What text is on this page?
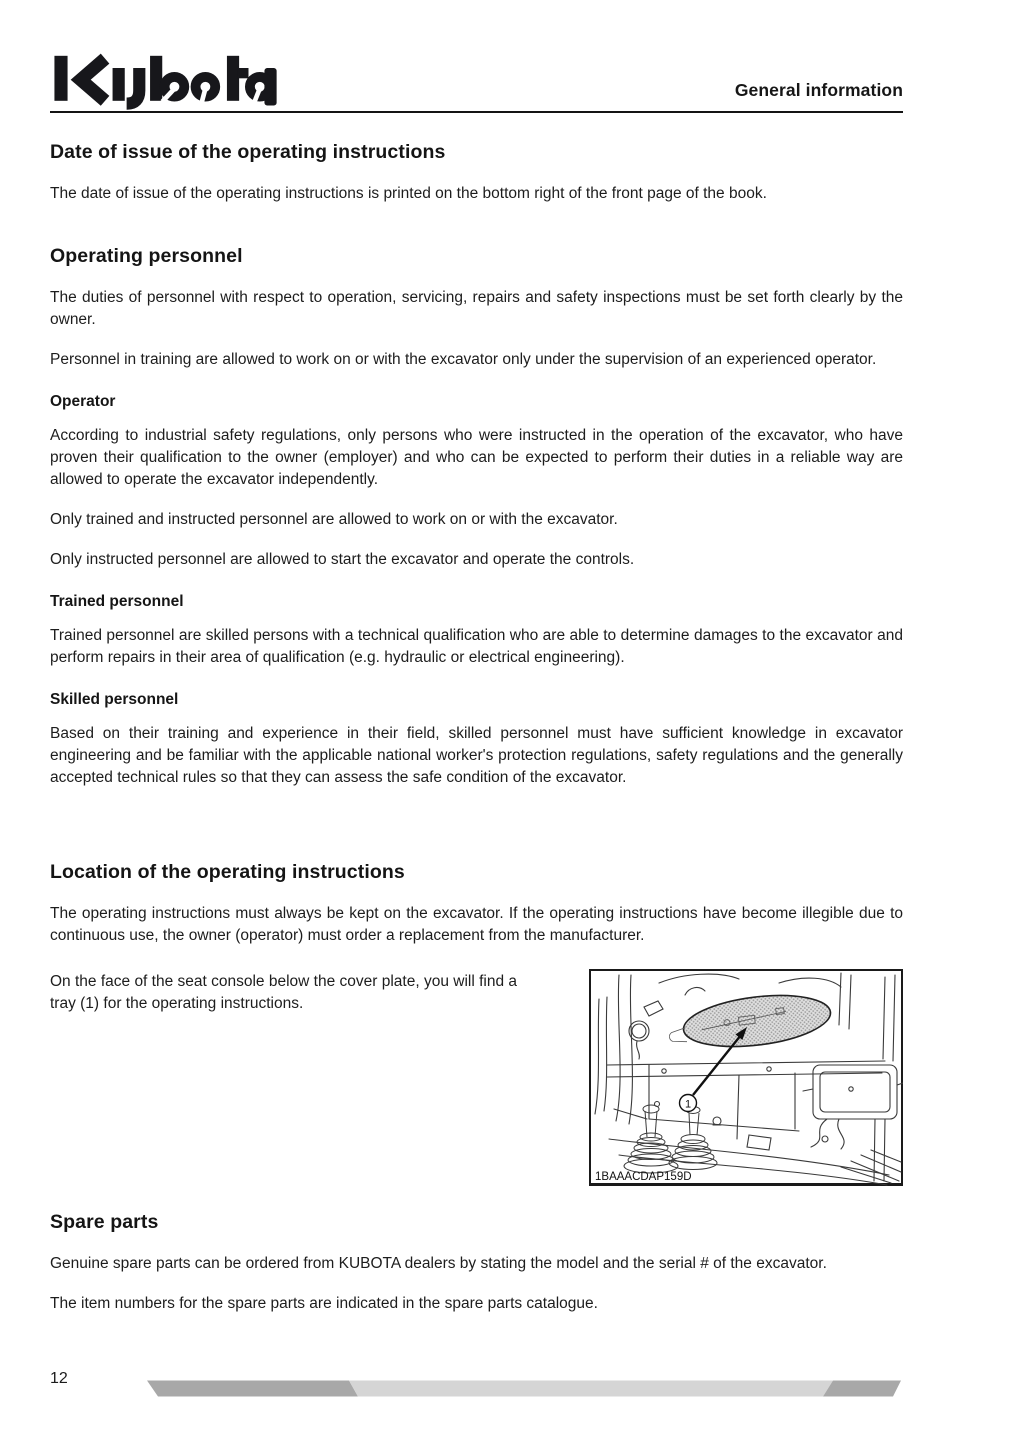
General information
Date of issue of the operating instructions

The date of issue of the operating instructions is printed on the bottom right of the front page of the book.

Operating personnel

The duties of personnel with respect to operation, servicing, repairs and safety inspections must be set forth clearly by the owner.

Personnel in training are allowed to work on or with the excavator only under the supervision of an experienced operator.

Operator

According to industrial safety regulations, only persons who were instructed in the operation of the excavator, who have proven their qualification to the owner (employer) and who can be expected to perform their duties in a reliable way are allowed to operate the excavator independently.

Only trained and instructed personnel are allowed to work on or with the excavator.

Only instructed personnel are allowed to start the excavator and operate the controls.

Trained personnel

Trained personnel are skilled persons with a technical qualification who are able to determine damages to the excavator and perform repairs in their area of qualification (e.g. hydraulic or electrical engineering).

Skilled personnel

Based on their training and experience in their field, skilled personnel must have sufficient knowledge in excavator engineering and be familiar with the applicable national worker's protection regulations, safety regulations and the generally accepted technical rules so that they can assess the safe condition of the excavator.

Location of the operating instructions

The operating instructions must always be kept on the excavator. If the operating instructions have become illegible due to continuous use, the owner (operator) must order a replacement from the manufacturer.

On the face of the seat console below the cover plate, you will find a tray (1) for the operating instructions.

1
1BAAACDAP159D
Spare parts

Genuine spare parts can be ordered from KUBOTA dealers by stating the model and the serial # of the excavator.

The item numbers for the spare parts are indicated in the spare parts catalogue.

12
